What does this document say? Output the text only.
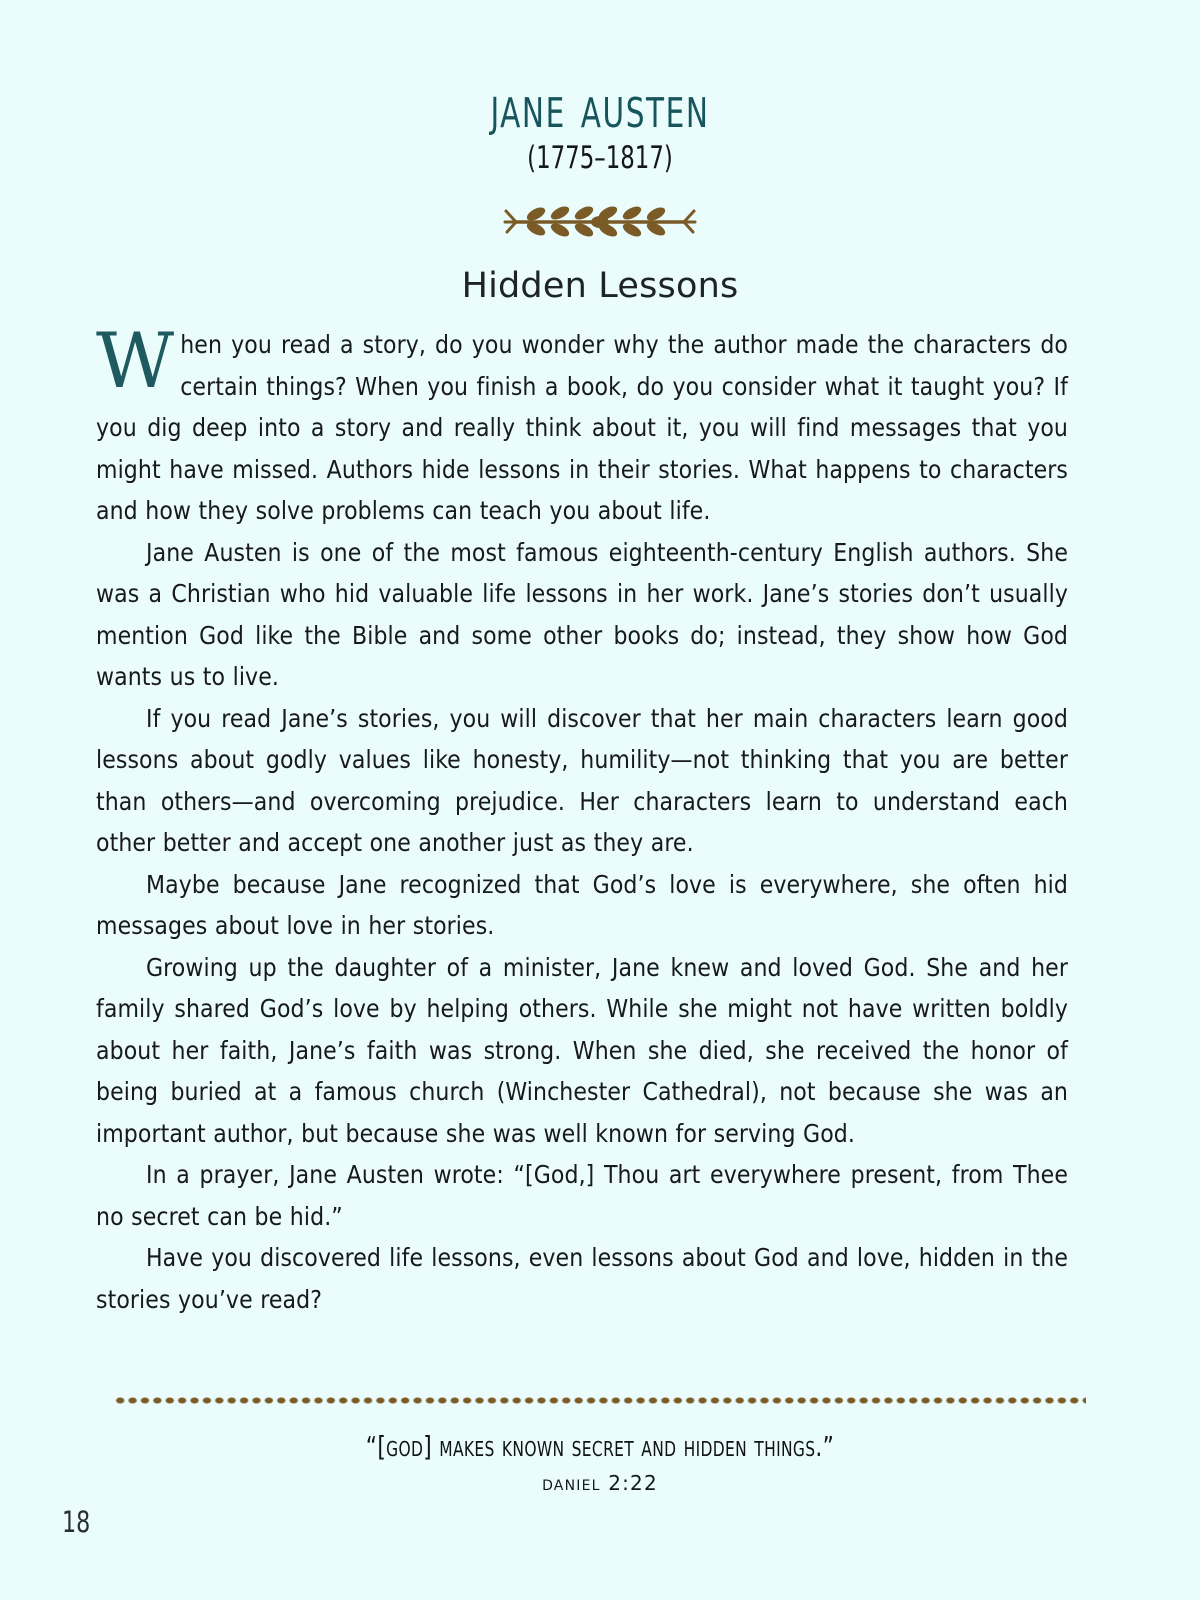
jane austen
(1775–1817)
Hidden Lessons

When you read a story, do you wonder why the author made the characters do certain things? When you finish a book, do you consider what it taught you? If you dig deep into a story and really think about it, you will find messages that you might have missed. Authors hide lessons in their stories. What happens to characters and how they solve problems can teach you about life.

Jane Austen is one of the most famous eighteenth-century English authors. She was a Christian who hid valuable life lessons in her work. Jane’s stories don’t usually mention God like the Bible and some other books do; instead, they show how God wants us to live.

If you read Jane’s stories, you will discover that her main characters learn good lessons about godly values like honesty, humility—not thinking that you are better than others—and overcoming prejudice. Her characters learn to understand each other better and accept one another just as they are.

Maybe because Jane recognized that God’s love is everywhere, she often hid messages about love in her stories.

Growing up the daughter of a minister, Jane knew and loved God. She and her family shared God’s love by helping others. While she might not have written boldly about her faith, Jane’s faith was strong. When she died, she received the honor of being buried at a famous church (Winchester Cathedral), not because she was an important author, but because she was well known for serving God.

In a prayer, Jane Austen wrote: “[God,] Thou art everywhere present, from Thee no secret can be hid.”

Have you discovered life lessons, even lessons about God and love, hidden in the stories you’ve read?

“[god] makes known secret and hidden things.”
daniel 2:22
18
